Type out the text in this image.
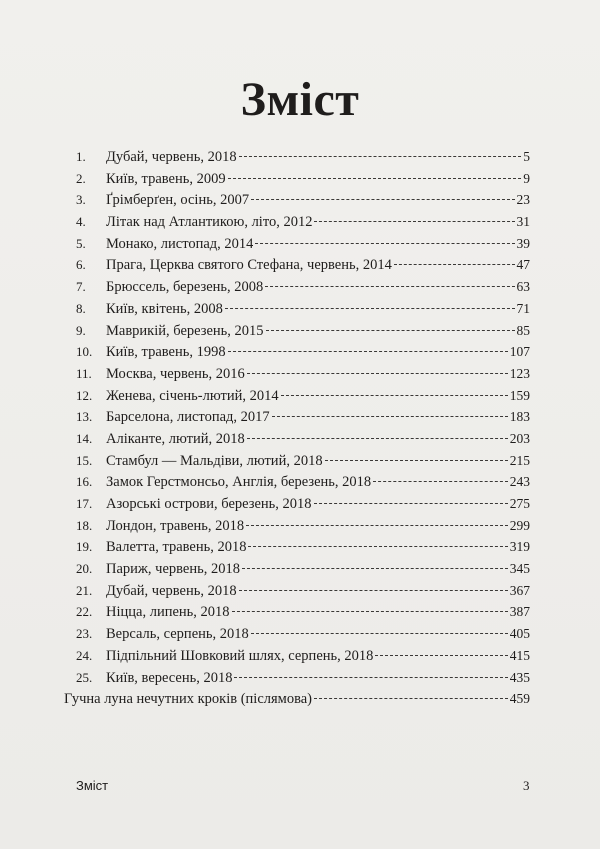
Зміст
1.	Дубай, червень, 2018	5
2.	Київ, травень, 2009	9
3.	Ґрімберґен, осінь, 2007	23
4.	Літак над Атлантикою, літо, 2012	31
5.	Монако, листопад, 2014	39
6.	Прага, Церква святого Стефана, червень, 2014	47
7.	Брюссель, березень, 2008	63
8.	Київ, квітень, 2008	71
9.	Маврикій, березень, 2015	85
10. Київ, травень, 1998	107
11. Москва, червень, 2016	123
12. Женева, січень-лютий, 2014	159
13. Барселона, листопад, 2017	183
14. Аліканте, лютий, 2018	203
15. Стамбул — Мальдіви, лютий, 2018	215
16. Замок Герстмонсьо, Англія, березень, 2018	243
17. Азорські острови, березень, 2018	275
18. Лондон, травень, 2018	299
19. Валетта, травень, 2018	319
20. Париж, червень, 2018	345
21. Дубай, червень, 2018	367
22. Ніцца, липень, 2018	387
23. Версаль, серпень, 2018	405
24. Підпільний Шовковий шлях, серпень, 2018	415
25. Київ, вересень, 2018	435
Гучна луна нечутних кроків (післямова)	459
Зміст	3
